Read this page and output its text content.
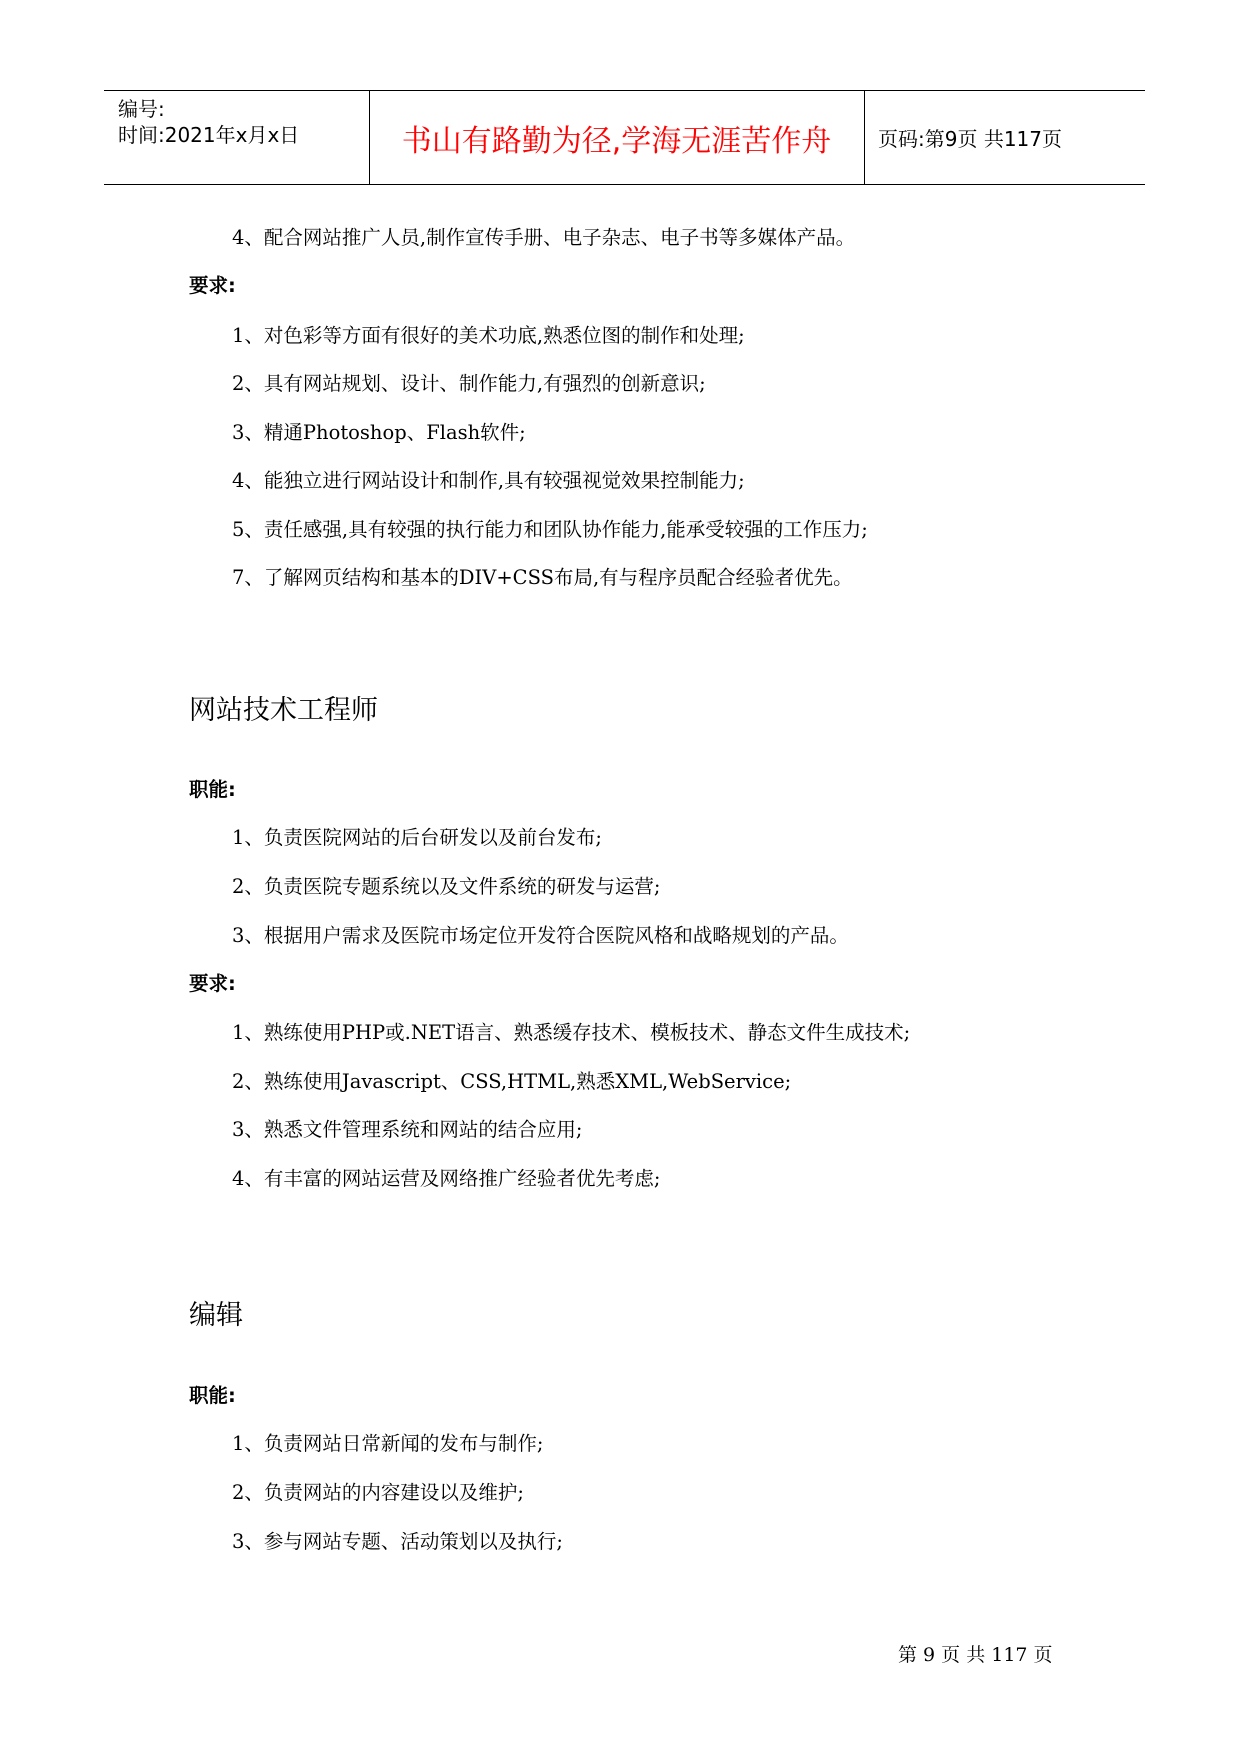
编号:
时间:2021年x月x日	书山有路勤为径,学海无涯苦作舟 页码:第9页 共117页
4、配合网站推广人员,制作宣传手册、电子杂志、电子书等多媒体产品。
要求:
1、对色彩等方面有很好的美术功底,熟悉位图的制作和处理;
2、具有网站规划、设计、制作能力,有强烈的创新意识;
3、精通Photoshop、Flash软件;
4、能独立进行网站设计和制作,具有较强视觉效果控制能力;
5、责任感强,具有较强的执行能力和团队协作能力,能承受较强的工作压力;
7、了解网页结构和基本的DIV+CSS布局,有与程序员配合经验者优先。
网站技术工程师
职能:
1、负责医院网站的后台研发以及前台发布;
2、负责医院专题系统以及文件系统的研发与运营;
3、根据用户需求及医院市场定位开发符合医院风格和战略规划的产品。
要求:
1、熟练使用PHP或.NET语言、熟悉缓存技术、模板技术、静态文件生成技术;
2、熟练使用Javascript、CSS,HTML,熟悉XML,WebService;
3、熟悉文件管理系统和网站的结合应用;
4、有丰富的网站运营及网络推广经验者优先考虑;
编辑
职能:
1、负责网站日常新闻的发布与制作;
2、负责网站的内容建设以及维护;
3、参与网站专题、活动策划以及执行;
第 9 页 共 117 页
